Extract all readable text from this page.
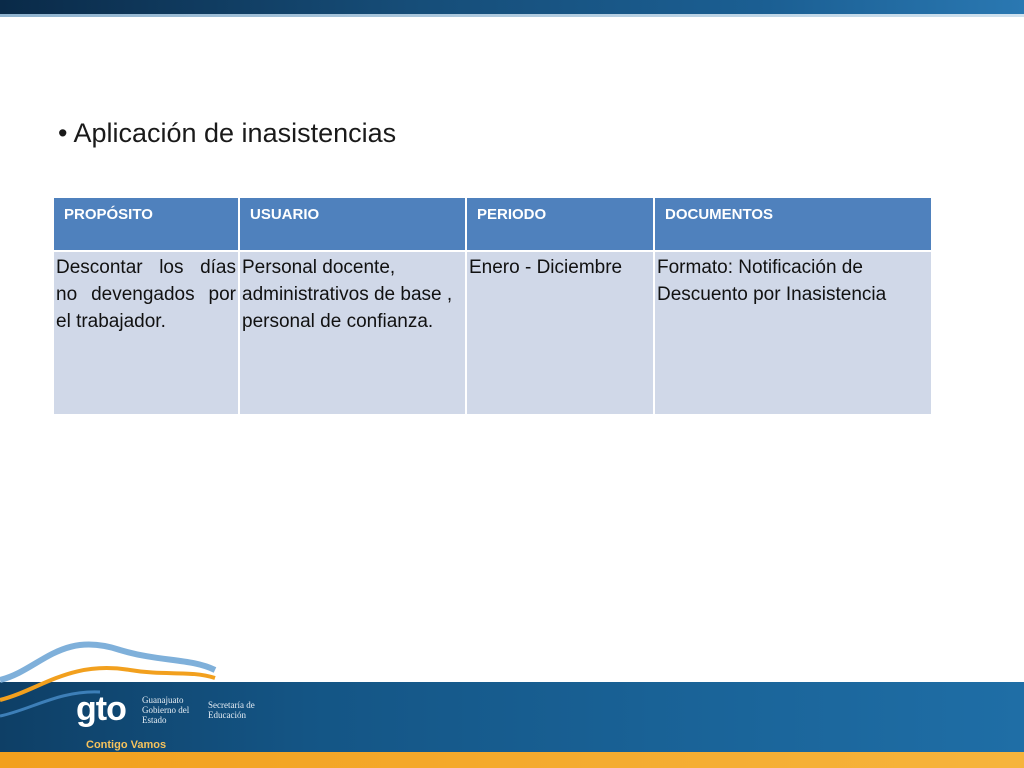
• Aplicación de inasistencias
PROPÓSITO	USUARIO	PERIODO	DOCUMENTOS
Descontar los días no devengados por el trabajador.	Personal docente, administrativos de base , personal de confianza.	Enero - Diciembre	Formato: Notificación de Descuento por Inasistencia
gto Guanajuato Gobierno del Estado
Secretaría de Educación
Contigo Vamos
